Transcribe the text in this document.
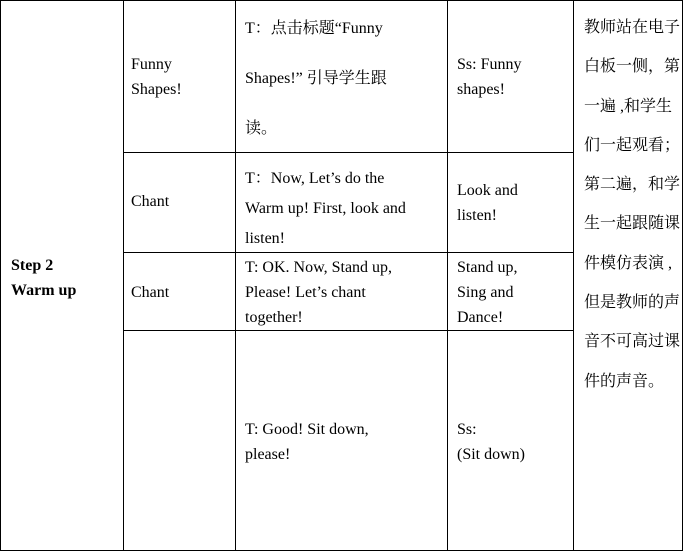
Step 2
Warm up
Funny
Shapes!
T：点击标题“Funny
Shapes!” 引导学生跟
读。
Ss: Funny
shapes!
Chant
T：Now, Let’s do the
Warm up! First, look and
listen!
Look and
listen!
Chant
T: OK. Now, Stand up,
Please! Let’s chant
together!
Stand up,
Sing and
Dance!
T: Good! Sit down,
please!
Ss:
(Sit down)
教师站在电子白板一侧，第一遍 ,和学生们一起观看；第二遍，和学生一起跟随课件模仿表演 ,但是教师的声音不可高过课件的声音。
